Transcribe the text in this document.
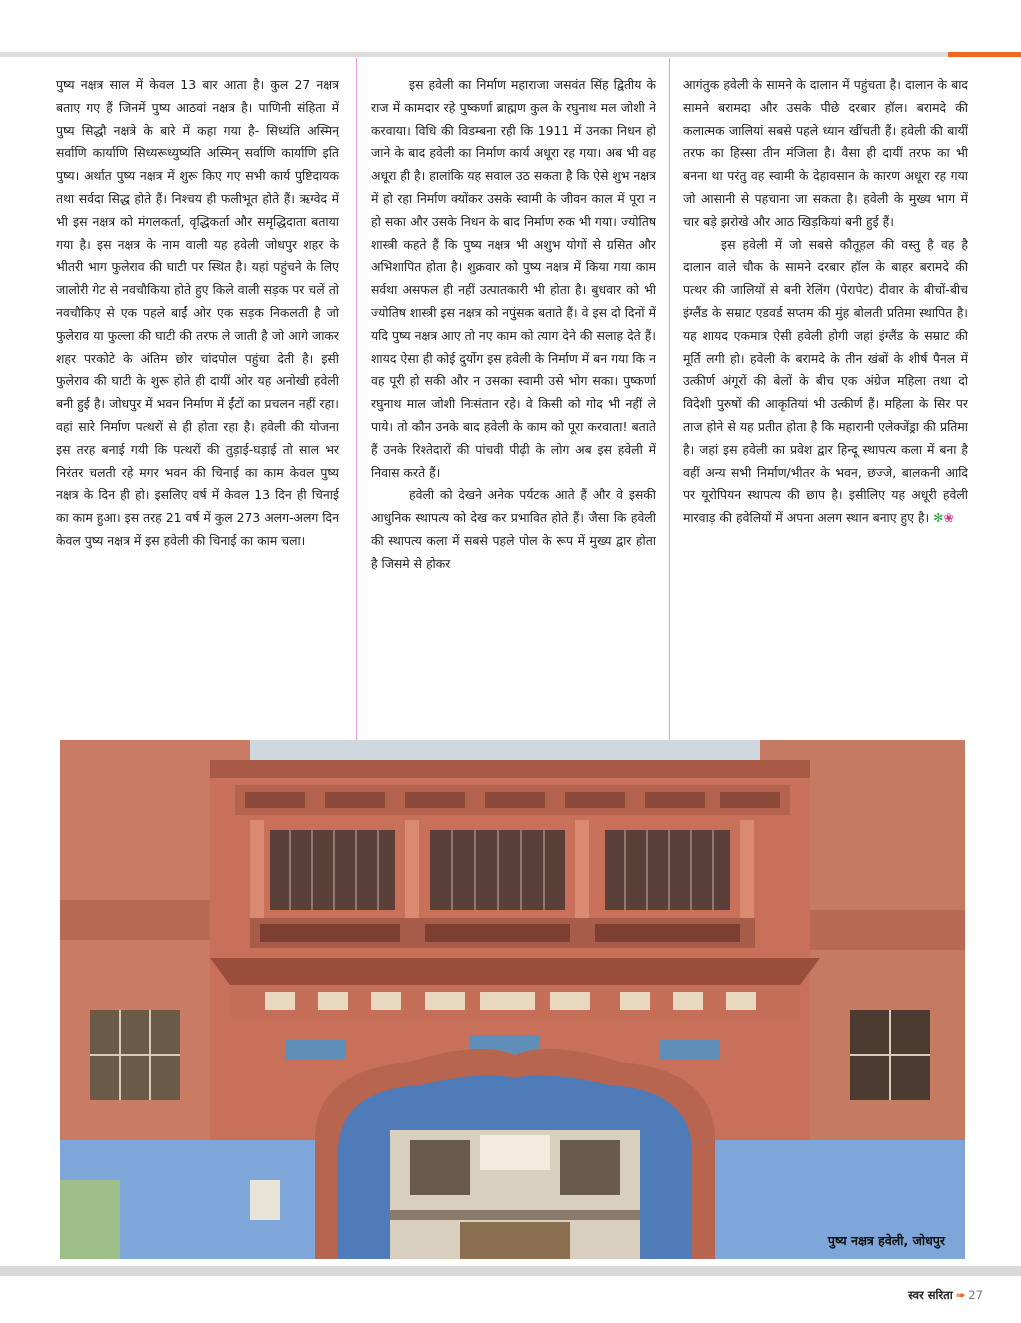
पुष्य नक्षत्र साल में केवल 13 बार आता है। कुल 27 नक्षत्र बताए गए हैं जिनमें पुष्य आठवां नक्षत्र है। पाणिनी संहिता में पुष्य सिद्धौ नक्षत्रे के बारे में कहा गया है- सिध्यंति अस्मिन् सर्वाणि कार्याणि सिध्यरूध्युष्यंति अस्मिन् सर्वाणि कार्याणि इति पुष्य। अर्थात पुष्य नक्षत्र में शुरू किए गए सभी कार्य पुष्टिदायक तथा सर्वदा सिद्ध होते हैं। निश्चय ही फलीभूत होते हैं। ऋग्वेद में भी इस नक्षत्र को मंगलकर्ता, वृद्धिकर्ता और समृद्धिदाता बताया गया है। इस नक्षत्र के नाम वाली यह हवेली जोधपुर शहर के भीतरी भाग फुलेराव की घाटी पर स्थित है। यहां पहुंचने के लिए जालोरी गेट से नवचौकिया होते हुए किले वाली सड़क पर चलें तो नवचौकिए से एक पहले बाईं ओर एक सड़क निकलती है जो फुलेराव या फुल्ला की घाटी की तरफ ले जाती है जो आगे जाकर शहर परकोटे के अंतिम छोर चांदपोल पहुंचा देती है। इसी फुलेराव की घाटी के शुरू होते ही दायीं ओर यह अनोखी हवेली बनी हुई है। जोधपुर में भवन निर्माण में ईंटों का प्रचलन नहीं रहा। वहां सारे निर्माण पत्थरों से ही होता रहा है। हवेली की योजना इस तरह बनाई गयी कि पत्थरों की तुड़ाई-घड़ाई तो साल भर निरंतर चलती रहे मगर भवन की चिनाई का काम केवल पुष्य नक्षत्र के दिन ही हो। इसलिए वर्ष में केवल 13 दिन ही चिनाई का काम हुआ। इस तरह 21 वर्ष में कुल 273 अलग-अलग दिन केवल पुष्य नक्षत्र में इस हवेली की चिनाई का काम चला।

इस हवेली का निर्माण महाराजा जसवंत सिंह द्वितीय के राज में कामदार रहे पुष्कर्णा ब्राह्मण कुल के रघुनाथ मल जोशी ने करवाया। विधि की विडम्बना रही कि 1911 में उनका निधन हो जाने के बाद हवेली का निर्माण कार्य अधूरा रह गया। अब भी वह अधूरा ही है। हालांकि यह सवाल उठ सकता है कि ऐसे शुभ नक्षत्र में हो रहा निर्माण क्योंकर उसके स्वामी के जीवन काल में पूरा न हो सका और उसके निधन के बाद निर्माण रुक भी गया। ज्योतिष शास्त्री कहते हैं कि पुष्य नक्षत्र भी अशुभ योगों से ग्रसित और अभिशापित होता है। शुक्रवार को पुष्य नक्षत्र में किया गया काम सर्वथा असफल ही नहीं उत्पातकारी भी होता है। बुधवार को भी ज्योतिष शास्त्री इस नक्षत्र को नपुंसक बताते हैं। वे इस दो दिनों में यदि पुष्य नक्षत्र आए तो नए काम को त्याग देने की सलाह देते हैं। शायद ऐसा ही कोई दुर्योग इस हवेली के निर्माण में बन गया कि न वह पूरी हो सकी और न उसका स्वामी उसे भोग सका। पुष्कर्णा रघुनाथ माल जोशी निःसंतान रहे। वे किसी को गोद भी नहीं ले पाये। तो कौन उनके बाद हवेली के काम को पूरा करवाता! बताते हैं उनके रिश्तेदारों की पांचवी पीढ़ी के लोग अब इस हवेली में निवास करते हैं।

हवेली को देखने अनेक पर्यटक आते हैं और वे इसकी आधुनिक स्थापत्य को देख कर प्रभावित होते हैं। जैसा कि हवेली की स्थापत्य कला में सबसे पहले पोल के रूप में मुख्य द्वार होता है जिसमे से होकर

आगंतुक हवेली के सामने के दालान में पहुंचता है। दालान के बाद सामने बरामदा और उसके पीछे दरबार हॉल। बरामदे की कलात्मक जालियां सबसे पहले ध्यान खींचती हैं। हवेली की बायीं तरफ का हिस्सा तीन मंजिला है। वैसा ही दायीं तरफ का भी बनना था परंतु वह स्वामी के देहावसान के कारण अधूरा रह गया जो आसानी से पहचाना जा सकता है। हवेली के मुख्य भाग में चार बड़े झरोखे और आठ खिड़कियां बनी हुई हैं।

इस हवेली में जो सबसे कौतूहल की वस्तु है वह है दालान वाले चौक के सामने दरबार हॉल के बाहर बरामदे की पत्थर की जालियों से बनी रेलिंग (पेरापेट) दीवार के बीचों-बीच इंग्लैंड के सम्राट एडवर्ड सप्तम की मुंह बोलती प्रतिमा स्थापित है। यह शायद एकमात्र ऐसी हवेली होगी जहां इंग्लैंड के सम्राट की मूर्ति लगी हो। हवेली के बरामदे के तीन खंबों के शीर्ष पैनल में उत्कीर्ण अंगूरों की बेलों के बीच एक अंग्रेज महिला तथा दो विदेशी पुरुषों की आकृतियां भी उत्कीर्ण हैं। महिला के सिर पर ताज होने से यह प्रतीत होता है कि महारानी एलेक्जेंड्रा की प्रतिमा है। जहां इस हवेली का प्रवेश द्वार हिन्दू स्थापत्य कला में बना है वहीं अन्य सभी निर्माण/भीतर के भवन, छज्जे, बालकनी आदि पर यूरोपियन स्थापत्य की छाप है। इसीलिए यह अधूरी हवेली मारवाड़ की हवेलियों में अपना अलग स्थान बनाए हुए है। ✻❀

पुष्य नक्षत्र हवेली, जोधपुर
स्वर सरिता ➠ 27
